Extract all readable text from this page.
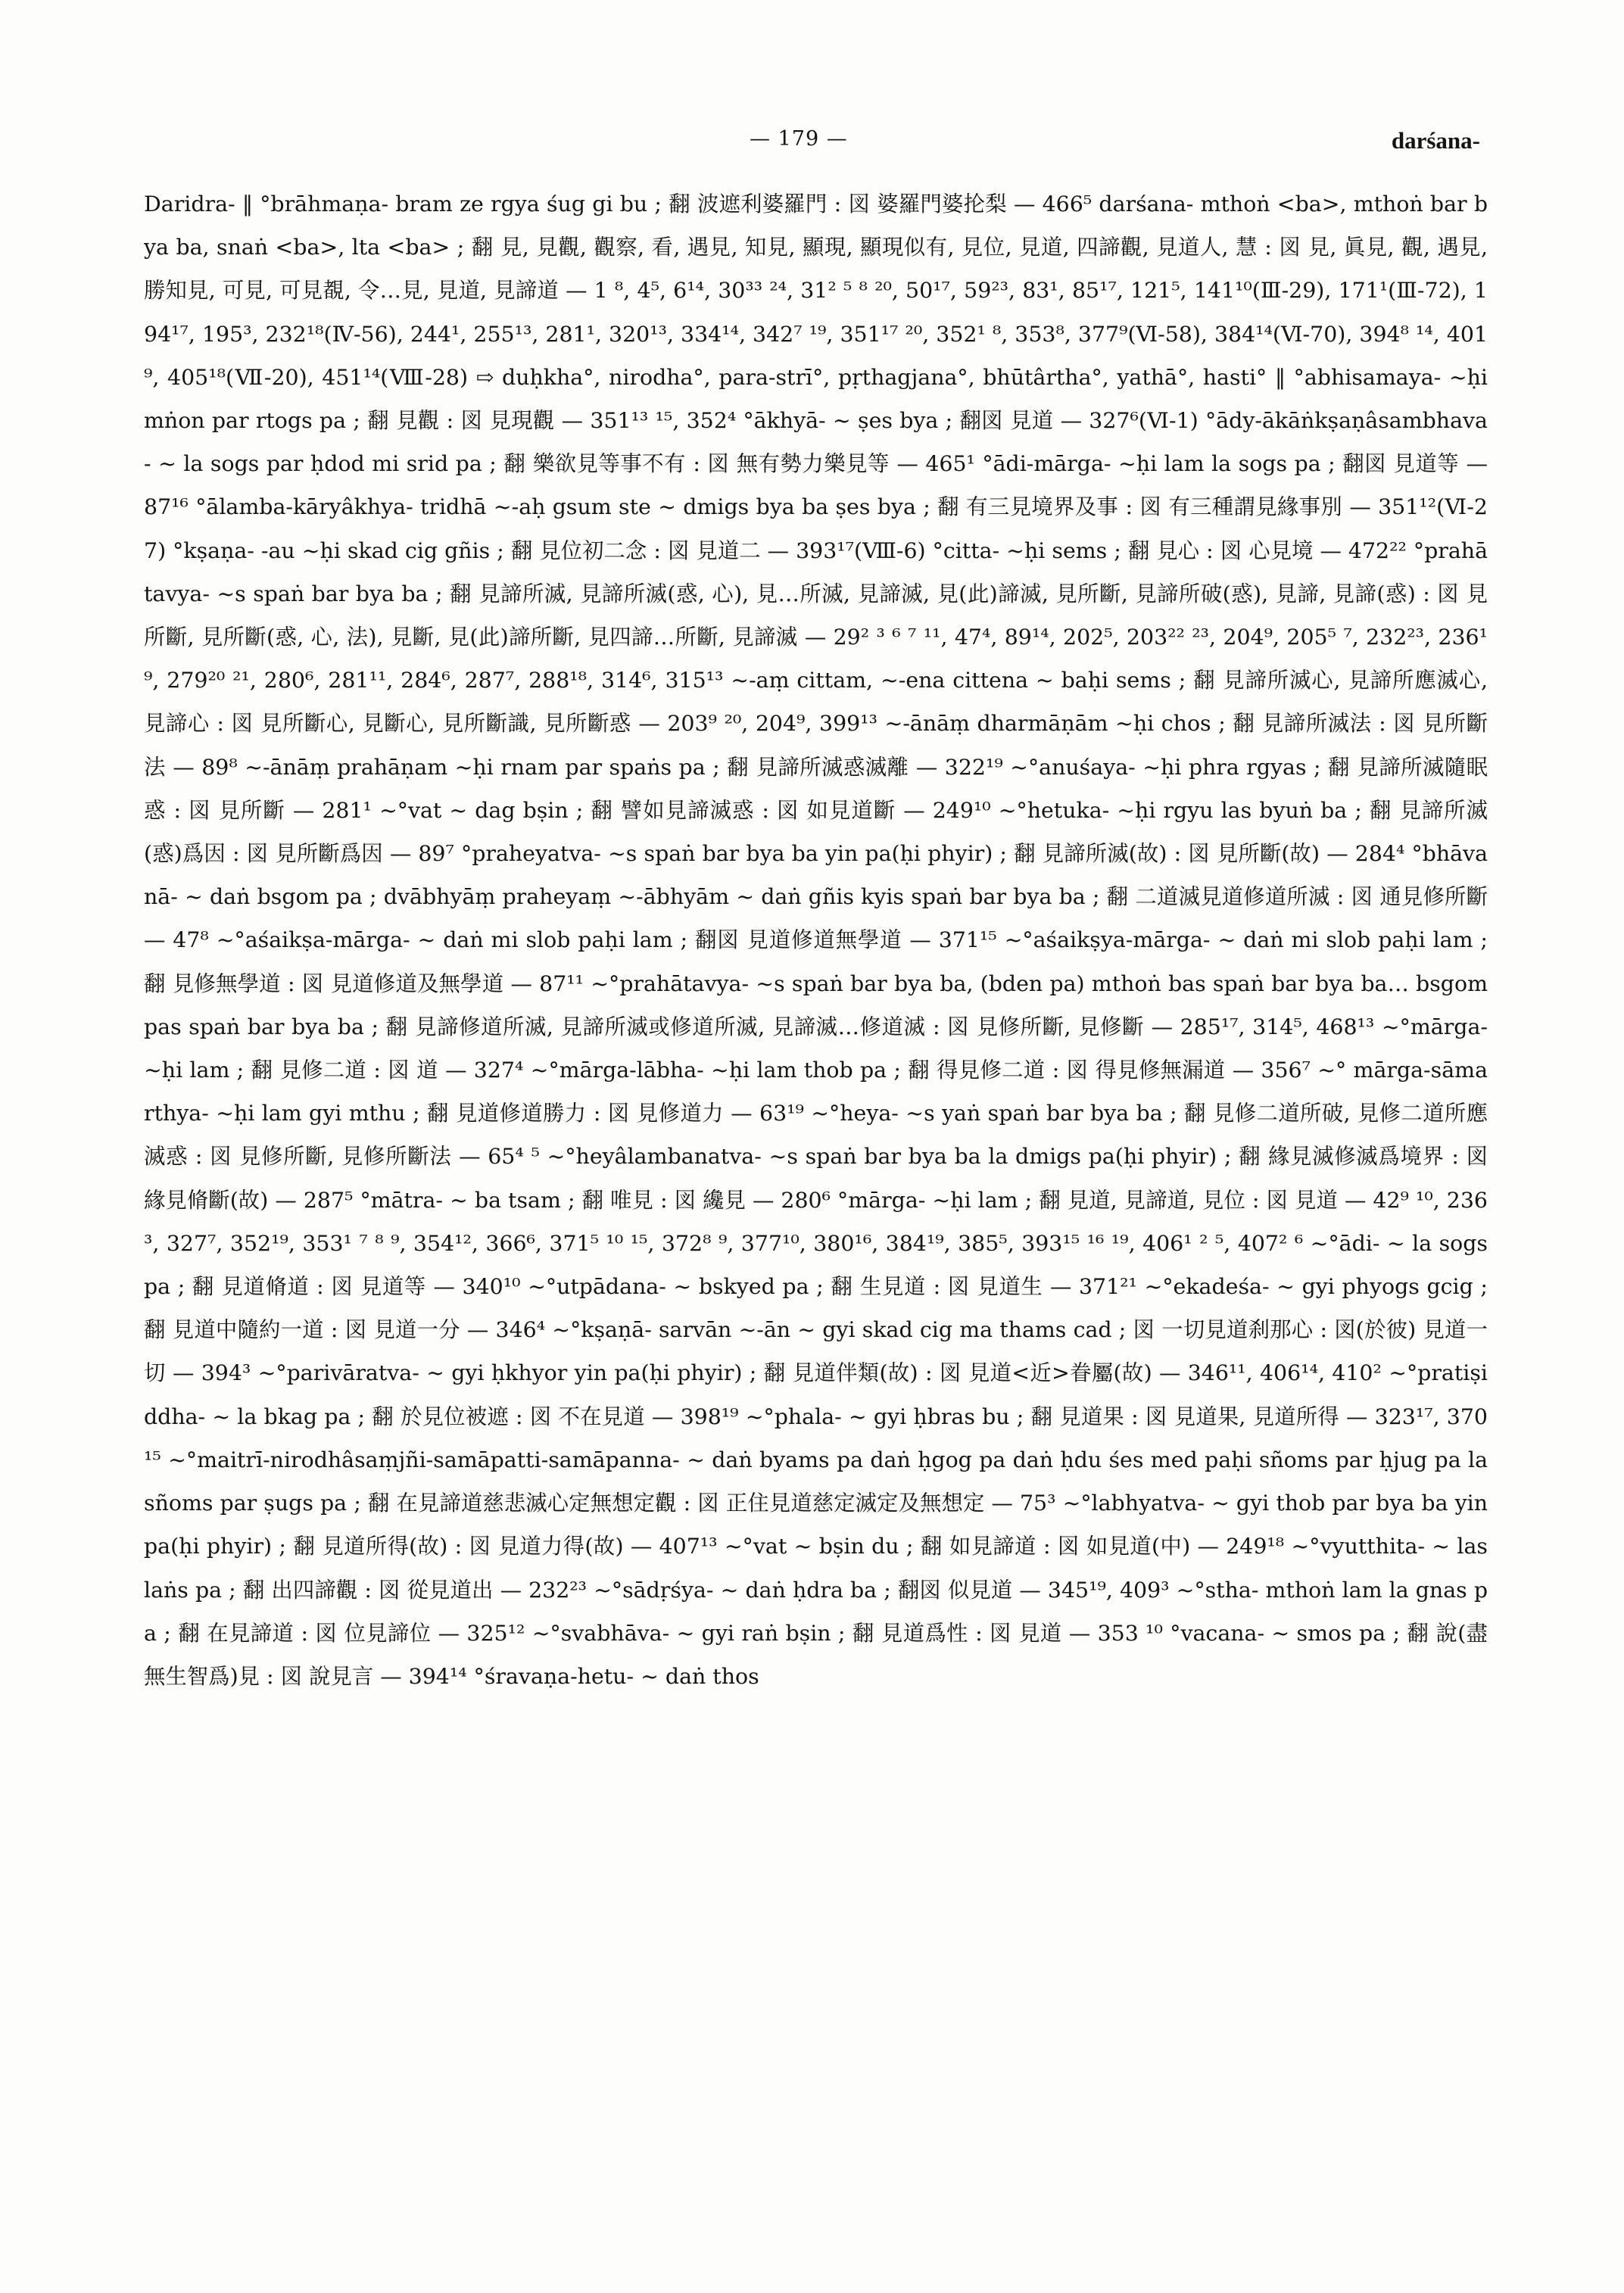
— 179 —	darśana-

Daridra- ‖ °brāhmaṇa- bram ze rgya śug gi bu ; 翻 波遮利婆羅門 : 図 婆羅門婆抡梨 — 466⁵ darśana- mthoṅ <ba>, mthoṅ bar bya ba, snaṅ <ba>, lta <ba> ; 翻 見, 見觀, 觀察, 看, 遇見, 知見, 顯現, 顯現似有, 見位, 見道, 四諦觀, 見道人, 慧 : 図 見, 眞見, 觀, 遇見, 勝知見, 可見, 可見覩, 令…見, 見道, 見諦道 — 1 ⁸, 4⁵, 6¹⁴, 30³³ ²⁴, 31² ⁵ ⁸ ²⁰, 50¹⁷, 59²³, 83¹, 85¹⁷, 121⁵, 141¹⁰(Ⅲ-29), 171¹(Ⅲ-72), 194¹⁷, 195³, 232¹⁸(Ⅳ-56), 244¹, 255¹³, 281¹, 320¹³, 334¹⁴, 342⁷ ¹⁹, 351¹⁷ ²⁰, 352¹ ⁸, 353⁸, 377⁹(Ⅵ-58), 384¹⁴(Ⅵ-70), 394⁸ ¹⁴, 401⁹, 405¹⁸(Ⅶ-20), 451¹⁴(Ⅷ-28) ⇨ duḥkha°, nirodha°, para-strī°, pṛthagjana°, bhūtârtha°, yathā°, hasti° ‖ °abhisamaya- ~ḥi mṅon par rtogs pa ; 翻 見觀 : 図 見現觀 — 351¹³ ¹⁵, 352⁴ °ākhyā- ~ ṣes bya ; 翻図 見道 — 327⁶(Ⅵ-1) °ādy-ākāṅkṣaṇâsambhava- ~ la sogs par ḥdod mi srid pa ; 翻 樂欲見等事不有 : 図 無有勢力樂見等 — 465¹ °ādi-mārga- ~ḥi lam la sogs pa ; 翻図 見道等 — 87¹⁶ °ālamba-kāryâkhya- tridhā ~-aḥ gsum ste ~ dmigs bya ba ṣes bya ; 翻 有三見境界及事 : 図 有三種謂見緣事別 — 351¹²(Ⅵ-27) °kṣaṇa- -au ~ḥi skad cig gñis ; 翻 見位初二念 : 図 見道二 — 393¹⁷(Ⅷ-6) °citta- ~ḥi sems ; 翻 見心 : 図 心見境 — 472²² °prahātavya- ~s spaṅ bar bya ba ; 翻 見諦所滅, 見諦所滅(惑, 心), 見…所滅, 見諦滅, 見(此)諦滅, 見所斷, 見諦所破(惑), 見諦, 見諦(惑) : 図 見所斷, 見所斷(惑, 心, 法), 見斷, 見(此)諦所斷, 見四諦…所斷, 見諦滅 — 29² ³ ⁶ ⁷ ¹¹, 47⁴, 89¹⁴, 202⁵, 203²² ²³, 204⁹, 205⁵ ⁷, 232²³, 236¹⁹, 279²⁰ ²¹, 280⁶, 281¹¹, 284⁶, 287⁷, 288¹⁸, 314⁶, 315¹³ ~-aṃ cittam, ~-ena cittena ~ baḥi sems ; 翻 見諦所滅心, 見諦所應滅心, 見諦心 : 図 見所斷心, 見斷心, 見所斷識, 見所斷惑 — 203⁹ ²⁰, 204⁹, 399¹³ ~-ānāṃ dharmāṇām ~ḥi chos ; 翻 見諦所滅法 : 図 見所斷法 — 89⁸ ~-ānāṃ prahāṇam ~ḥi rnam par spaṅs pa ; 翻 見諦所滅惑滅離 — 322¹⁹ ~°anuśaya- ~ḥi phra rgyas ; 翻 見諦所滅隨眠惑 : 図 見所斷 — 281¹ ~°vat ~ dag bṣin ; 翻 譬如見諦滅惑 : 図 如見道斷 — 249¹⁰ ~°hetuka- ~ḥi rgyu las byuṅ ba ; 翻 見諦所滅(惑)爲因 : 図 見所斷爲因 — 89⁷ °praheyatva- ~s spaṅ bar bya ba yin pa(ḥi phyir) ; 翻 見諦所滅(故) : 図 見所斷(故) — 284⁴ °bhāvanā- ~ daṅ bsgom pa ; dvābhyāṃ praheyaṃ ~-ābhyām ~ daṅ gñis kyis spaṅ bar bya ba ; 翻 二道滅見道修道所滅 : 図 通見修所斷 — 47⁸ ~°aśaikṣa-mārga- ~ daṅ mi slob paḥi lam ; 翻図 見道修道無學道 — 371¹⁵ ~°aśaikṣya-mārga- ~ daṅ mi slob paḥi lam ; 翻 見修無學道 : 図 見道修道及無學道 — 87¹¹ ~°prahātavya- ~s spaṅ bar bya ba, (bden pa) mthoṅ bas spaṅ bar bya ba… bsgom pas spaṅ bar bya ba ; 翻 見諦修道所滅, 見諦所滅或修道所滅, 見諦滅…修道滅 : 図 見修所斷, 見修斷 — 285¹⁷, 314⁵, 468¹³ ~°mārga- ~ḥi lam ; 翻 見修二道 : 図 道 — 327⁴ ~°mārga-lābha- ~ḥi lam thob pa ; 翻 得見修二道 : 図 得見修無漏道 — 356⁷ ~° mārga-sāmarthya- ~ḥi lam gyi mthu ; 翻 見道修道勝力 : 図 見修道力 — 63¹⁹ ~°heya- ~s yaṅ spaṅ bar bya ba ; 翻 見修二道所破, 見修二道所應滅惑 : 図 見修所斷, 見修所斷法 — 65⁴ ⁵ ~°heyâlambanatva- ~s spaṅ bar bya ba la dmigs pa(ḥi phyir) ; 翻 緣見滅修滅爲境界 : 図 緣見脩斷(故) — 287⁵ °mātra- ~ ba tsam ; 翻 唯見 : 図 纔見 — 280⁶ °mārga- ~ḥi lam ; 翻 見道, 見諦道, 見位 : 図 見道 — 42⁹ ¹⁰, 236³, 327⁷, 352¹⁹, 353¹ ⁷ ⁸ ⁹, 354¹², 366⁶, 371⁵ ¹⁰ ¹⁵, 372⁸ ⁹, 377¹⁰, 380¹⁶, 384¹⁹, 385⁵, 393¹⁵ ¹⁶ ¹⁹, 406¹ ² ⁵, 407² ⁶ ~°ādi- ~ la sogs pa ; 翻 見道脩道 : 図 見道等 — 340¹⁰ ~°utpādana- ~ bskyed pa ; 翻 生見道 : 図 見道生 — 371²¹ ~°ekadeśa- ~ gyi phyogs gcig ; 翻 見道中隨約一道 : 図 見道一分 — 346⁴ ~°kṣaṇā- sarvān ~-ān ~ gyi skad cig ma thams cad ; 図 一切見道刹那心 : 図(於彼) 見道一切 — 394³ ~°parivāratva- ~ gyi ḥkhyor yin pa(ḥi phyir) ; 翻 見道伴類(故) : 図 見道<近>眷屬(故) — 346¹¹, 406¹⁴, 410² ~°pratiṣiddha- ~ la bkag pa ; 翻 於見位被遮 : 図 不在見道 — 398¹⁹ ~°phala- ~ gyi ḥbras bu ; 翻 見道果 : 図 見道果, 見道所得 — 323¹⁷, 370¹⁵ ~°maitrī-nirodhâsaṃjñi-samāpatti-samāpanna- ~ daṅ byams pa daṅ ḥgog pa daṅ ḥdu śes med paḥi sñoms par ḥjug pa la sñoms par ṣugs pa ; 翻 在見諦道慈悲滅心定無想定觀 : 図 正住見道慈定滅定及無想定 — 75³ ~°labhyatva- ~ gyi thob par bya ba yin pa(ḥi phyir) ; 翻 見道所得(故) : 図 見道力得(故) — 407¹³ ~°vat ~ bṣin du ; 翻 如見諦道 : 図 如見道(中) — 249¹⁸ ~°vyutthita- ~ las laṅs pa ; 翻 出四諦觀 : 図 從見道出 — 232²³ ~°sādṛśya- ~ daṅ ḥdra ba ; 翻図 似見道 — 345¹⁹, 409³ ~°stha- mthoṅ lam la gnas pa ; 翻 在見諦道 : 図 位見諦位 — 325¹² ~°svabhāva- ~ gyi raṅ bṣin ; 翻 見道爲性 : 図 見道 — 353 ¹⁰ °vacana- ~ smos pa ; 翻 說(盡無生智爲)見 : 図 說見言 — 394¹⁴ °śravaṇa-hetu- ~ daṅ thos
